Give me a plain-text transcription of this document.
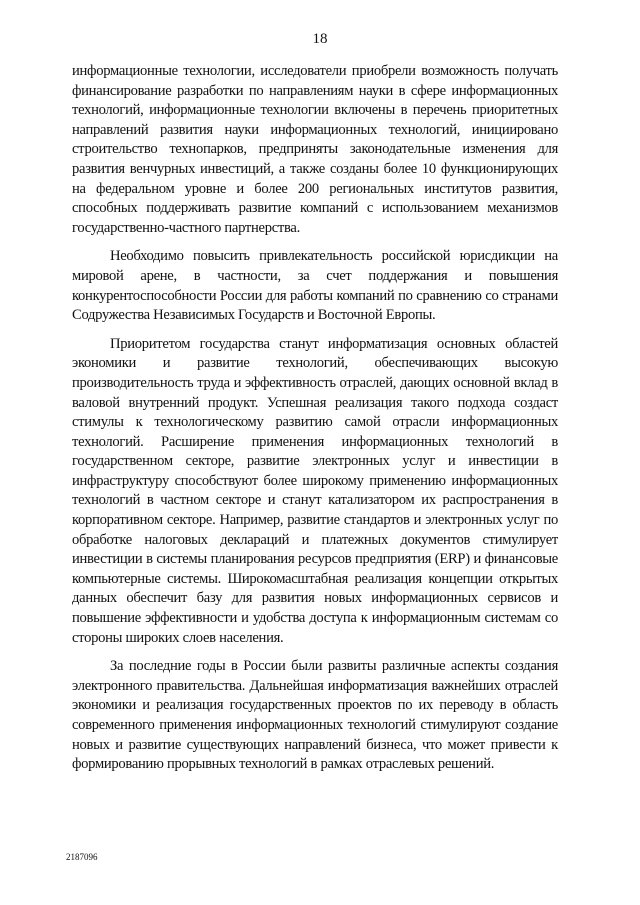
18

информационные технологии, исследователи приобрели возможность получать финансирование разработки по направлениям науки в сфере информационных технологий, информационные технологии включены в перечень приоритетных направлений развития науки информационных технологий, инициировано строительство технопарков, предприняты законодательные изменения для развития венчурных инвестиций, а также созданы более 10 функционирующих на федеральном уровне и более 200 региональных институтов развития, способных поддерживать развитие компаний с использованием механизмов государственно-частного партнерства.

Необходимо повысить привлекательность российской юрисдикции на мировой арене, в частности, за счет поддержания и повышения конкурентоспособности России для работы компаний по сравнению со странами Содружества Независимых Государств и Восточной Европы.

Приоритетом государства станут информатизация основных областей экономики и развитие технологий, обеспечивающих высокую производительность труда и эффективность отраслей, дающих основной вклад в валовой внутренний продукт. Успешная реализация такого подхода создаст стимулы к технологическому развитию самой отрасли информационных технологий. Расширение применения информационных технологий в государственном секторе, развитие электронных услуг и инвестиции в инфраструктуру способствуют более широкому применению информационных технологий в частном секторе и станут катализатором их распространения в корпоративном секторе. Например, развитие стандартов и электронных услуг по обработке налоговых деклараций и платежных документов стимулирует инвестиции в системы планирования ресурсов предприятия (ERP) и финансовые компьютерные системы. Широкомасштабная реализация концепции открытых данных обеспечит базу для развития новых информационных сервисов и повышение эффективности и удобства доступа к информационным системам со стороны широких слоев населения.

За последние годы в России были развиты различные аспекты создания электронного правительства. Дальнейшая информатизация важнейших отраслей экономики и реализация государственных проектов по их переводу в область современного применения информационных технологий стимулируют создание новых и развитие существующих направлений бизнеса, что может привести к формированию прорывных технологий в рамках отраслевых решений.

2187096
